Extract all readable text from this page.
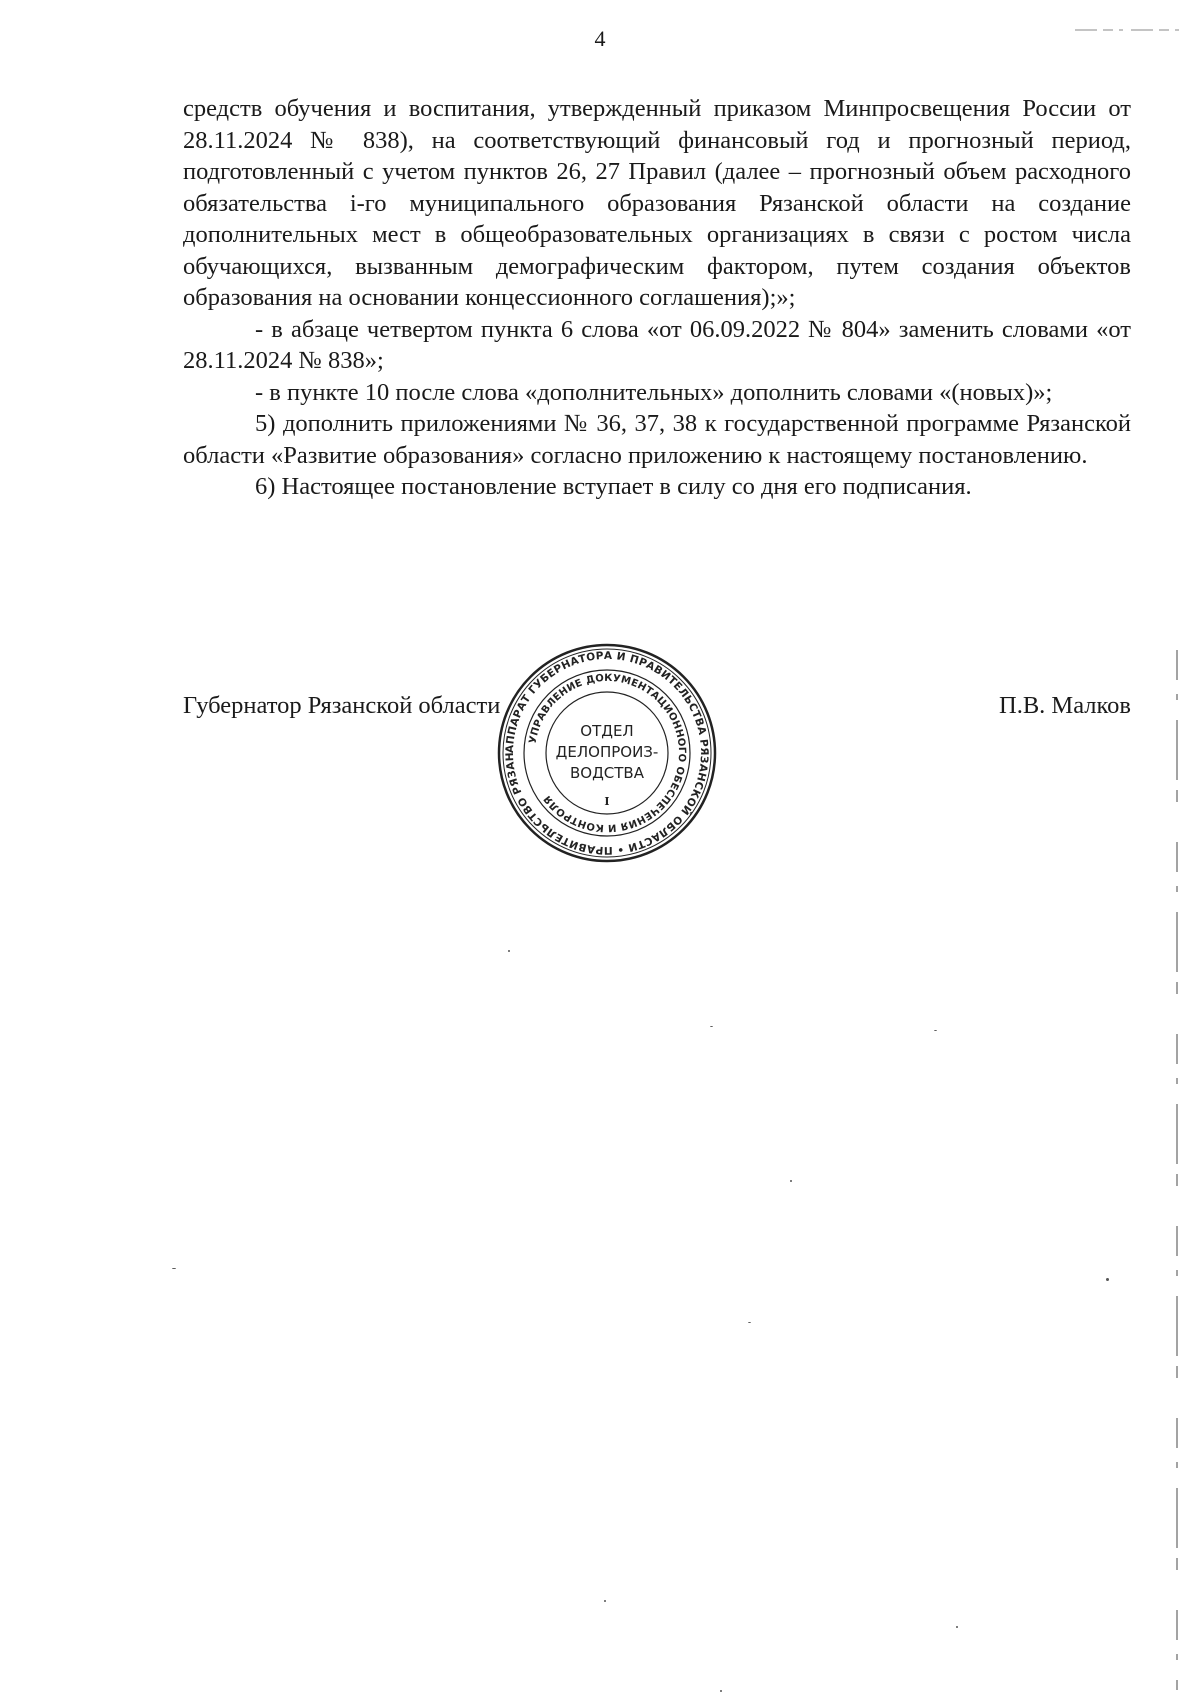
4

средств обучения и воспитания, утвержденный приказом Минпросвещения России от 28.11.2024 № 838), на соответствующий финансовый год и прогнозный период, подготовленный с учетом пунктов 26, 27 Правил (далее – прогнозный объем расходного обязательства i-го муниципального образования Рязанской области на создание дополнительных мест в общеобразовательных организациях в связи с ростом числа обучающихся, вызванным демографическим фактором, путем создания объектов образования на основании концессионного соглашения);»;

- в абзаце четвертом пункта 6 слова «от 06.09.2022 № 804» заменить словами «от 28.11.2024 № 838»;

- в пункте 10 после слова «дополнительных» дополнить словами «(новых)»;

5) дополнить приложениями № 36, 37, 38 к государственной программе Рязанской области «Развитие образования» согласно приложению к настоящему постановлению.

6) Настоящее постановление вступает в силу со дня его подписания.

Губернатор Рязанской области	П.В. Малков
АППАРАТ ГУБЕРНАТОРА И ПРАВИТЕЛЬСТВА РЯЗАНСКОЙ ОБЛАСТИ • ПРАВИТЕЛЬСТВО РЯЗАН
УПРАВЛЕНИЕ ДОКУМЕНТАЦИОННОГО ОБЕСПЕЧЕНИЯ И КОНТРОЛЯ
ОТДЕЛ
ДЕЛОПРОИЗ-
ВОДСТВА
I
